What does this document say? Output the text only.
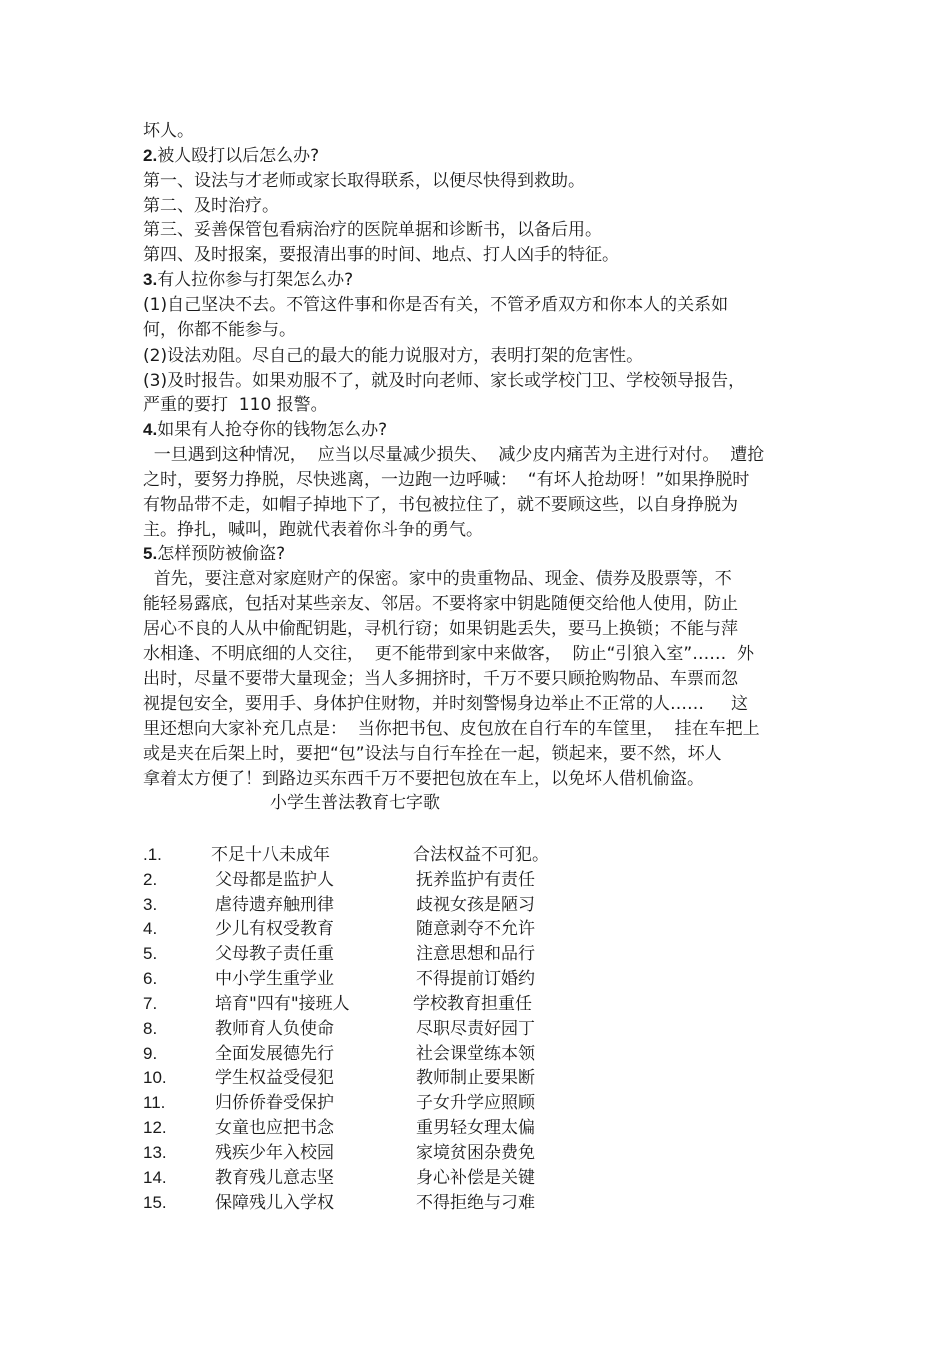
坏人。
2.被人殴打以后怎么办?
第一、设法与才老师或家长取得联系，以便尽快得到救助。
第二、及时治疗。
第三、妥善保管包看病治疗的医院单据和诊断书，以备后用。
第四、及时报案，要报清出事的时间、地点、打人凶手的特征。
3.有人拉你参与打架怎么办?
(1)自己坚决不去。不管这件事和你是否有关，不管矛盾双方和你本人的关系如
何，你都不能参与。
(2)设法劝阻。尽自己的最大的能力说服对方，表明打架的危害性。
(3)及时报告。如果劝服不了，就及时向老师、家长或学校门卫、学校领导报告，
严重的要打  110 报警。
4.如果有人抢夺你的钱物怎么办?
一旦遇到这种情况，  应当以尽量减少损失、  减少皮内痛苦为主进行对付。  遭抢
之时，要努力挣脱，尽快逃离，一边跑一边呼喊：  “有坏人抢劫呀！”如果挣脱时
有物品带不走，如帽子掉地下了，书包被拉住了，就不要顾这些，以自身挣脱为
主。挣扎，喊叫，跑就代表着你斗争的勇气。
5.怎样预防被偷盗?
首先，要注意对家庭财产的保密。家中的贵重物品、现金、债券及股票等，不
能轻易露底，包括对某些亲友、邻居。不要将家中钥匙随便交给他人使用，防止
居心不良的人从中偷配钥匙，寻机行窃；如果钥匙丢失，要马上换锁；不能与萍
水相逢、不明底细的人交往，  更不能带到家中来做客，  防止“引狼入室”……  外
出时，尽量不要带大量现金；当人多拥挤时，千万不要只顾抢购物品、车票而忽
视提包安全，要用手、身体护住财物，并时刻警惕身边举止不正常的人……     这
里还想向大家补充几点是：  当你把书包、皮包放在自行车的车筐里，  挂在车把上
或是夹在后架上时，要把“包”设法与自行车拴在一起，锁起来，要不然，坏人
拿着太方便了！到路边买东西千万不要把包放在车上，以免坏人借机偷盗。
小学生普法教育七字歌
.1.	不足十八未成年	合法权益不可犯。
2.	父母都是监护人	抚养监护有责任
3.	虐待遗弃触刑律	歧视女孩是陋习
4.	少儿有权受教育	随意剥夺不允许
5.	父母教子责任重	注意思想和品行
6.	中小学生重学业	不得提前订婚约
7.	培育"四有"接班人	学校教育担重任
8.	教师育人负使命	尽职尽责好园丁
9.	全面发展德先行	社会课堂练本领
10.	学生权益受侵犯	教师制止要果断
11.	归侨侨眷受保护	子女升学应照顾
12.	女童也应把书念	重男轻女理太偏
13.	残疾少年入校园	家境贫困杂费免
14.	教育残儿意志坚	身心补偿是关键
15.	保障残儿入学权	不得拒绝与刁难
